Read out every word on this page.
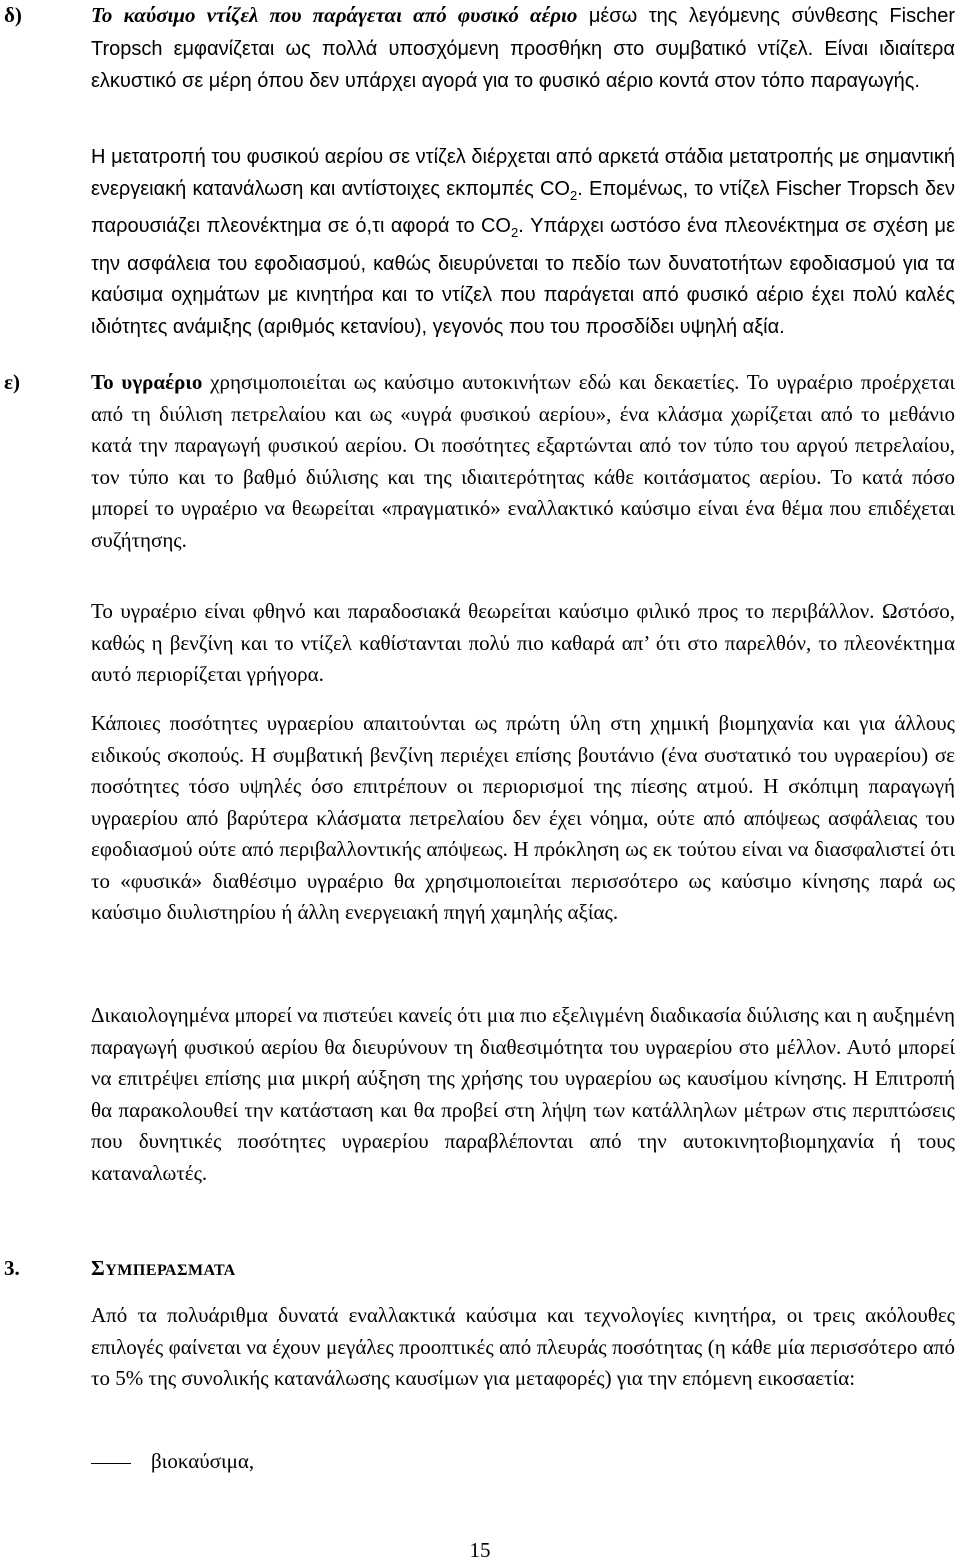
δ)	Το καύσιμο ντίζελ που παράγεται από φυσικό αέριο μέσω της λεγόμενης σύνθεσης Fischer Tropsch εμφανίζεται ως πολλά υποσχόμενη προσθήκη στο συμβατικό ντίζελ. Είναι ιδιαίτερα ελκυστικό σε μέρη όπου δεν υπάρχει αγορά για το φυσικό αέριο κοντά στον τόπο παραγωγής.

Η μετατροπή του φυσικού αερίου σε ντίζελ διέρχεται από αρκετά στάδια μετατροπής με σημαντική ενεργειακή κατανάλωση και αντίστοιχες εκπομπές $CO_2$. Επομένως, το ντίζελ Fischer Tropsch δεν παρουσιάζει πλεονέκτημα σε ό,τι αφορά το $CO_2$. Υπάρχει ωστόσο ένα πλεονέκτημα σε σχέση με την ασφάλεια του εφοδιασμού, καθώς διευρύνεται το πεδίο των δυνατοτήτων εφοδιασμού για τα καύσιμα οχημάτων με κινητήρα και το ντίζελ που παράγεται από φυσικό αέριο έχει πολύ καλές ιδιότητες ανάμιξης (αριθμός κετανίου), γεγονός που του προσδίδει υψηλή αξία.

ε)	Το υγραέριο χρησιμοποιείται ως καύσιμο αυτοκινήτων εδώ και δεκαετίες. Το υγραέριο προέρχεται από τη διύλιση πετρελαίου και ως «υγρά φυσικού αερίου», ένα κλάσμα χωρίζεται από το μεθάνιο κατά την παραγωγή φυσικού αερίου. Οι ποσότητες εξαρτώνται από τον τύπο του αργού πετρελαίου, τον τύπο και το βαθμό διύλισης και της ιδιαιτερότητας κάθε κοιτάσματος αερίου. Το κατά πόσο μπορεί το υγραέριο να θεωρείται «πραγματικό» εναλλακτικό καύσιμο είναι ένα θέμα που επιδέχεται συζήτησης.

Το υγραέριο είναι φθηνό και παραδοσιακά θεωρείται καύσιμο φιλικό προς το περιβάλλον. Ωστόσο, καθώς η βενζίνη και το ντίζελ καθίστανται πολύ πιο καθαρά απ’ ότι στο παρελθόν, το πλεονέκτημα αυτό περιορίζεται γρήγορα.

Κάποιες ποσότητες υγραερίου απαιτούνται ως πρώτη ύλη στη χημική βιομηχανία και για άλλους ειδικούς σκοπούς. Η συμβατική βενζίνη περιέχει επίσης βουτάνιο (ένα συστατικό του υγραερίου) σε ποσότητες τόσο υψηλές όσο επιτρέπουν οι περιορισμοί της πίεσης ατμού. Η σκόπιμη παραγωγή υγραερίου από βαρύτερα κλάσματα πετρελαίου δεν έχει νόημα, ούτε από απόψεως ασφάλειας του εφοδιασμού ούτε από περιβαλλοντικής απόψεως. Η πρόκληση ως εκ τούτου είναι να διασφαλιστεί ότι το «φυσικά» διαθέσιμο υγραέριο θα χρησιμοποιείται περισσότερο ως καύσιμο κίνησης παρά ως καύσιμο διυλιστηρίου ή άλλη ενεργειακή πηγή χαμηλής αξίας.

Δικαιολογημένα μπορεί να πιστεύει κανείς ότι μια πιο εξελιγμένη διαδικασία διύλισης και η αυξημένη παραγωγή φυσικού αερίου θα διευρύνουν τη διαθεσιμότητα του υγραερίου στο μέλλον. Αυτό μπορεί να επιτρέψει επίσης μια μικρή αύξηση της χρήσης του υγραερίου ως καυσίμου κίνησης. Η Επιτροπή θα παρακολουθεί την κατάσταση και θα προβεί στη λήψη των κατάλληλων μέτρων στις περιπτώσεις που δυνητικές ποσότητες υγραερίου παραβλέπονται από την αυτοκινητοβιομηχανία ή τους καταναλωτές.

3.	ΣΥΜΠΕΡΑΣΜΑΤΑ

Από τα πολυάριθμα δυνατά εναλλακτικά καύσιμα και τεχνολογίες κινητήρα, οι τρεις ακόλουθες επιλογές φαίνεται να έχουν μεγάλες προοπτικές από πλευράς ποσότητας (η κάθε μία περισσότερο από το 5% της συνολικής κατανάλωσης καυσίμων για μεταφορές) για την επόμενη εικοσαετία:

βιοκαύσιμα,
15
